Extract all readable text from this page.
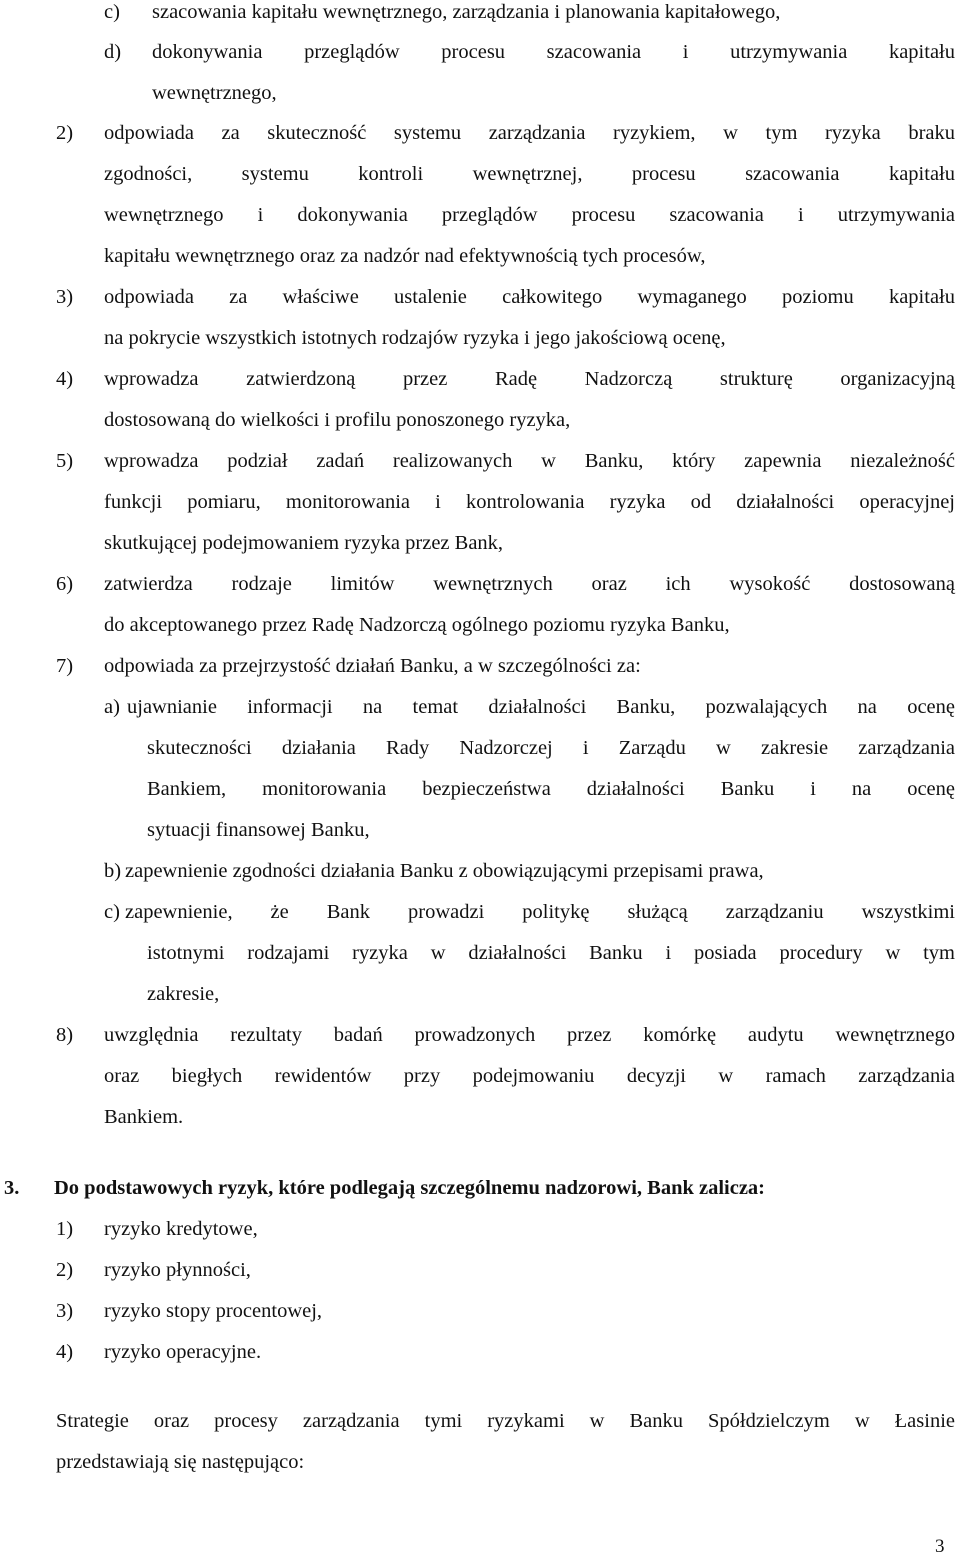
c) szacowania kapitału wewnętrznego, zarządzania i planowania kapitałowego,
d) dokonywania przeglądów procesu szacowania i utrzymywania kapitału
wewnętrznego,
2) odpowiada za skuteczność systemu zarządzania ryzykiem, w tym ryzyka braku
zgodności, systemu kontroli wewnętrznej, procesu szacowania kapitału
wewnętrznego i dokonywania przeglądów procesu szacowania i utrzymywania
kapitału wewnętrznego oraz za nadzór nad efektywnością tych procesów,
3) odpowiada za właściwe ustalenie całkowitego wymaganego poziomu kapitału
na pokrycie wszystkich istotnych rodzajów ryzyka i jego jakościową ocenę,
4) wprowadza zatwierdzoną przez Radę Nadzorczą strukturę organizacyjną
dostosowaną do wielkości i profilu ponoszonego ryzyka,
5) wprowadza podział zadań realizowanych w Banku, który zapewnia niezależność
funkcji pomiaru, monitorowania i kontrolowania ryzyka od działalności operacyjnej
skutkującej podejmowaniem ryzyka przez Bank,
6) zatwierdza rodzaje limitów wewnętrznych oraz ich wysokość dostosowaną
do akceptowanego przez Radę Nadzorczą ogólnego poziomu ryzyka Banku,
7) odpowiada za przejrzystość działań Banku, a w szczególności za:
a) ujawnianie informacji na temat działalności Banku, pozwalających na ocenę
skuteczności działania Rady Nadzorczej i Zarządu w zakresie zarządzania
Bankiem, monitorowania bezpieczeństwa działalności Banku i na ocenę
sytuacji finansowej Banku,
b) zapewnienie zgodności działania Banku z obowiązującymi przepisami prawa,
c) zapewnienie, że Bank prowadzi politykę służącą zarządzaniu wszystkimi
istotnymi rodzajami ryzyka w działalności Banku i posiada procedury w tym
zakresie,
8) uwzględnia rezultaty badań prowadzonych przez komórkę audytu wewnętrznego
oraz biegłych rewidentów przy podejmowaniu decyzji w ramach zarządzania
Bankiem.
3. Do podstawowych ryzyk, które podlegają szczególnemu nadzorowi, Bank zalicza:
1) ryzyko kredytowe,
2) ryzyko płynności,
3) ryzyko stopy procentowej,
4) ryzyko operacyjne.
Strategie oraz procesy zarządzania tymi ryzykami w Banku Spółdzielczym w Łasinie
przedstawiają się następująco:
3
